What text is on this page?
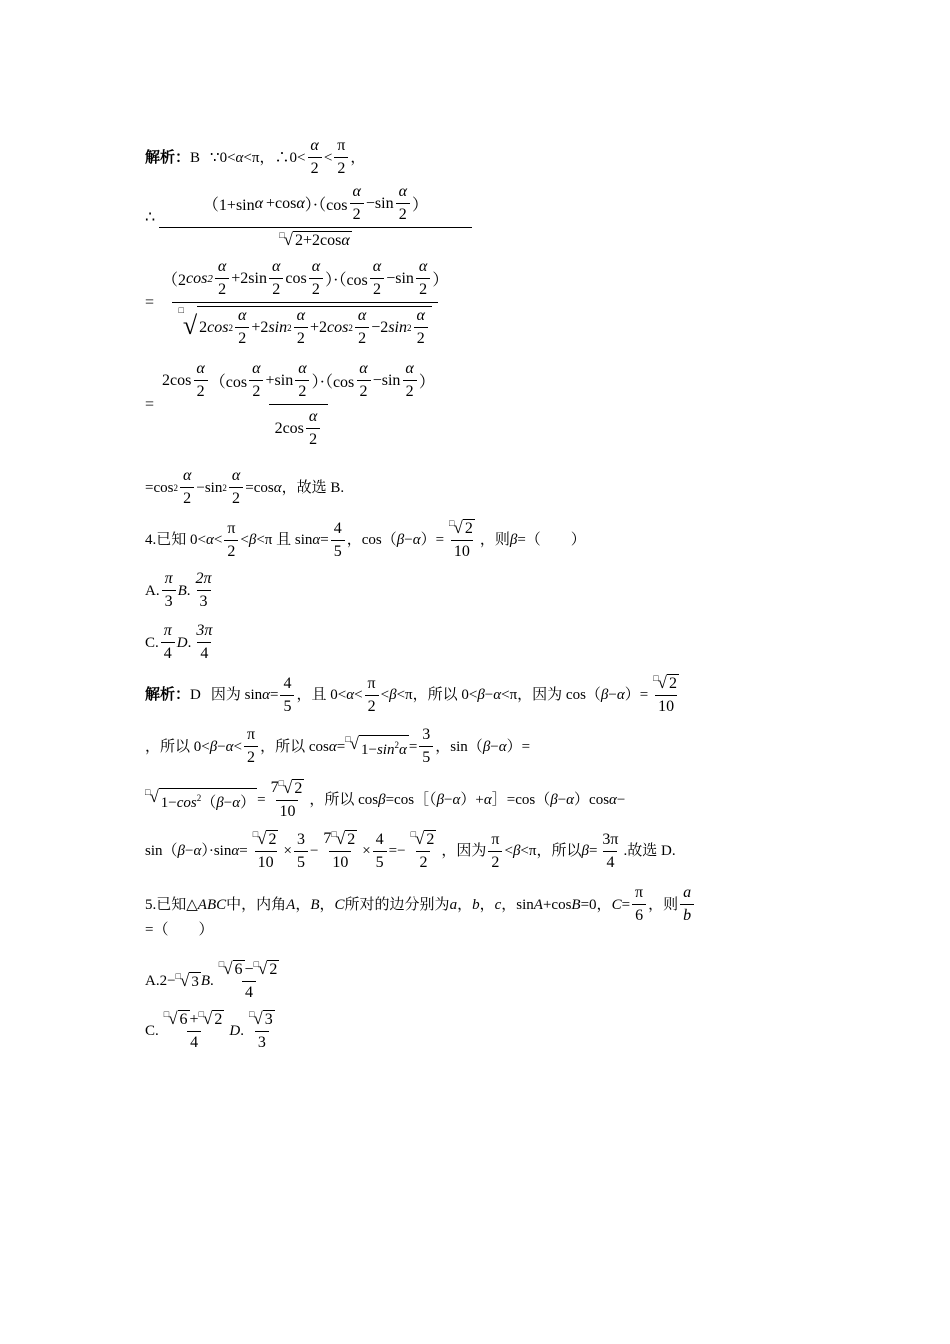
解析： B ∵0< α <π，∴0< $\frac{\alpha}{2} < \frac{\pi}{2}$ ，
∴
（1+sin α +cos α ）$\cdot(\cos \frac{\alpha}{2} -\sin \frac{\alpha}{2}$ ）
□ √ 2+2cosα
=
（2 $\cos 2 \frac{\alpha}{2} +2\sin \frac{\alpha}{2}$ $\cos \frac{\alpha}{2} )\cdot(\cos \frac{\alpha}{2} -\sin \frac{\alpha}{2}$ ）
□
√ 2 $\cos 2 \frac{\alpha}{2} +2$ $\sin 2 \frac{\alpha}{2} +2$ $\cos 2 \frac{\alpha}{2} -2$ $\sin 2 \frac{\alpha}{2}$
=
$2\cos \frac{\alpha}{2} (\cos \frac{\alpha}{2} +\sin \frac{\alpha}{2} )\cdot(\cos \frac{\alpha}{2} -\sin \frac{\alpha}{2}$ ）
$2\cos \frac{\alpha}{2}$
=cos $2 \frac{\alpha}{2} -\sin$ $2 \frac{\alpha}{2} =\cos$ α ，故选 B.
4.已知 $0< \alpha < \frac{\pi}{2} < \beta <\pi$ 且 $\sin \alpha = \frac{4}{5}$ ，cos（ β − α ）= $\frac{□ √ 2}{10}$ ，则 β =（　　）
A. $\frac{\pi}{3}$ B . $\frac{2\pi}{3}$
C. $\frac{\pi}{4}$ D . $\frac{3\pi}{4}$
解析： D 因为 $\sin \alpha = \frac{4}{5}$ ，且 $0< \alpha < \frac{\pi}{2} < \beta <\pi$，所以 0< β − α <π，因为 cos（ β − α ）= $\frac{□ √ 2}{10}$
，所以 $0< \beta - \alpha < \frac{\pi}{2}$ ，所以 cos α = □ √ $1-\sin^2\alpha = \frac{3}{5}$ ，sin（ β − α ）=
□ √ $1-\cos^2(\beta-\alpha) = \frac{7 □ √ 2}{10}$ ，所以 cos β =cos［（ β − α ）+ α ］=cos（ β − α ）cos α −
sin（ β − α ）·sin $\alpha = \frac{□ √ 2}{10} \times \frac{3}{5} - \frac{7 □ √ 2}{10} \times \frac{4}{5} =- \frac{□ √ 2}{2}$ ，因为 $\frac{\pi}{2} < \beta <\pi$，所以 $\beta = \frac{3\pi}{4}$ .故选 D.
5.已知△ ABC 中，内角 A ， B ， C 所对的边分别为 a ， b ， c ，sin A +cos B =0， $C = \frac{\pi}{6}$ ，则 $\frac{a}{b}$
=（　　）
A.2− □ √ 3 B . $\frac{□ √ 6 - □ √ 2}{4}$
C. $\frac{□ √ 6 + □ √ 2}{4}$ D . $\frac{□ √ 3}{3}$
